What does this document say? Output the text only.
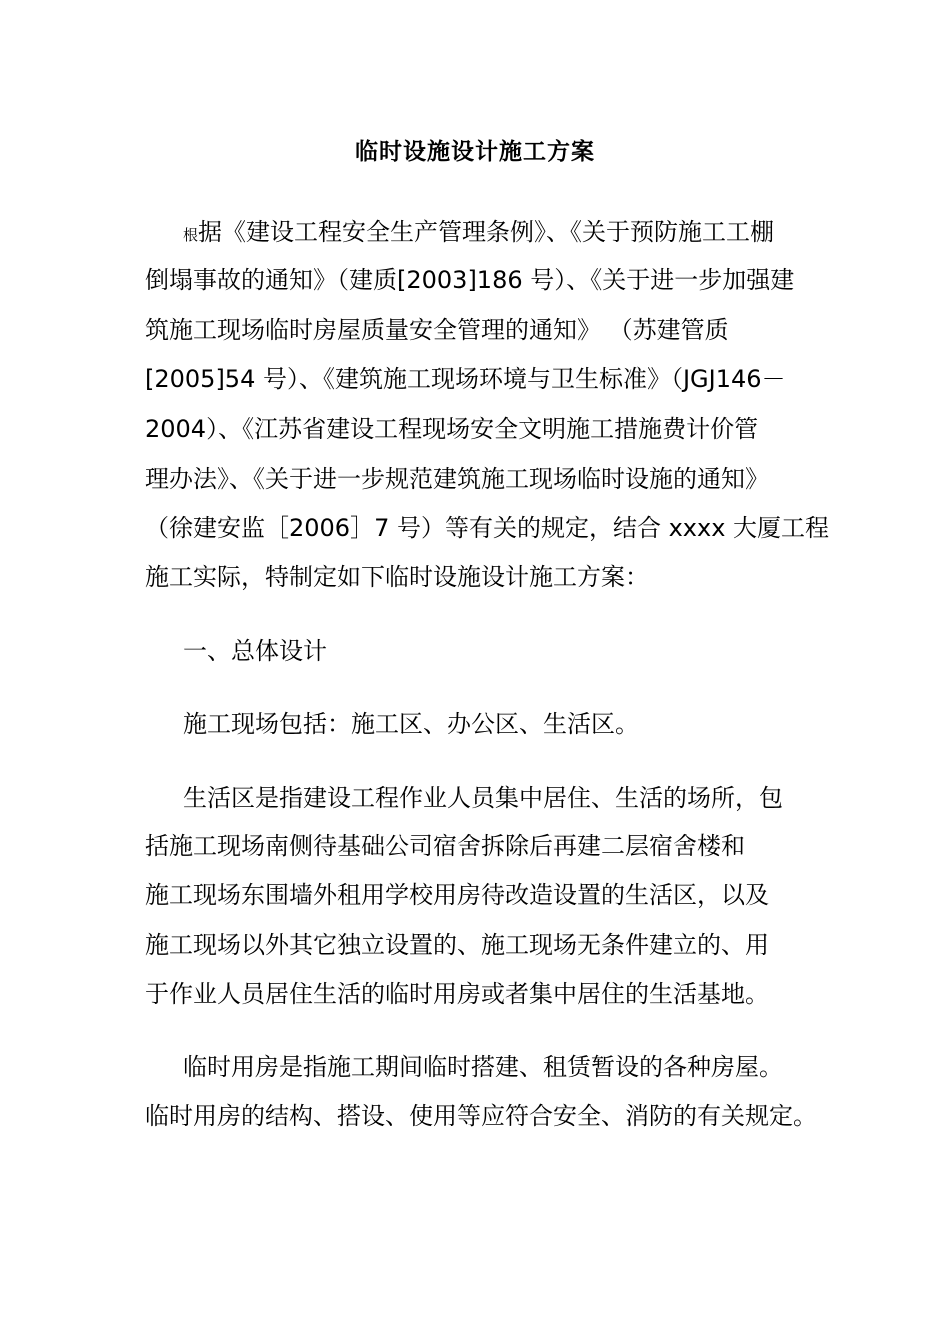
临时设施设计施工方案
根据《建设工程安全生产管理条例》、《关于预防施工工棚
倒塌事故的通知》（建质[2003]186 号）、《关于进一步加强建
筑施工现场临时房屋质量安全管理的通知》 （苏建管质
[2005]54 号）、《建筑施工现场环境与卫生标准》（JGJ146－
2004）、《江苏省建设工程现场安全文明施工措施费计价管
理办法》、《关于进一步规范建筑施工现场临时设施的通知》
（徐建安监［2006］7 号）等有关的规定，结合 xxxx 大厦工程
施工实际，特制定如下临时设施设计施工方案：
一、总体设计
施工现场包括：施工区、办公区、生活区。
生活区是指建设工程作业人员集中居住、生活的场所，包
括施工现场南侧待基础公司宿舍拆除后再建二层宿舍楼和
施工现场东围墙外租用学校用房待改造设置的生活区，以及
施工现场以外其它独立设置的、施工现场无条件建立的、用
于作业人员居住生活的临时用房或者集中居住的生活基地。
临时用房是指施工期间临时搭建、租赁暂设的各种房屋。
临时用房的结构、搭设、使用等应符合安全、消防的有关规定。
